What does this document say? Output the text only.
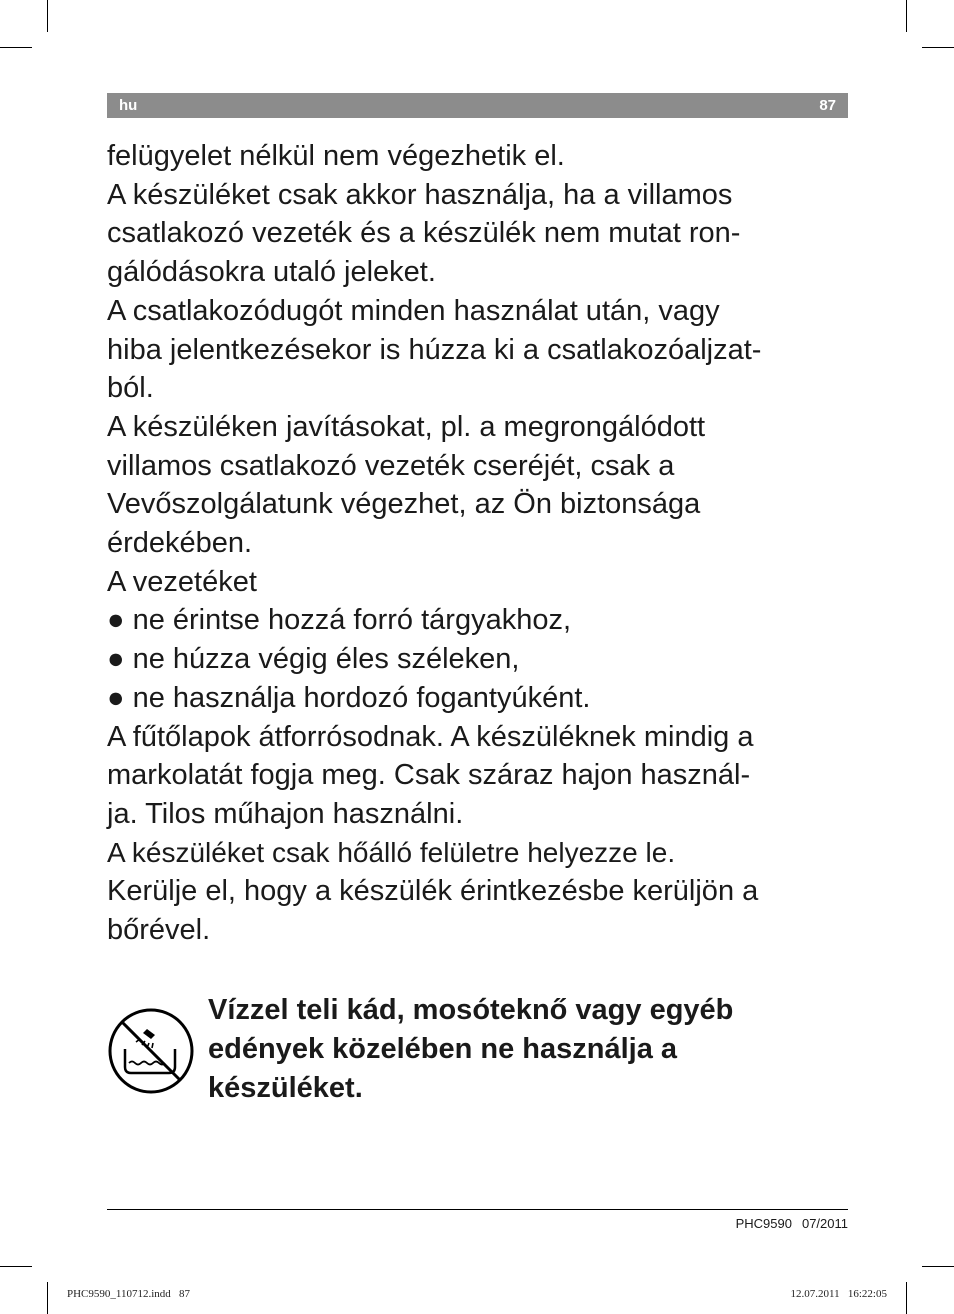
hu	87

felügyelet nélkül nem végezhetik el.

A készüléket csak akkor használja, ha a villamos

csatlakozó vezeték és a készülék nem mutat ron-

gálódásokra utaló jeleket.

A csatlakozódugót minden használat után, vagy

hiba jelentkezésekor is húzza ki a csatlakozóaljzat-

ból.

A készüléken javításokat, pl. a megrongálódott

villamos csatlakozó vezeték cseréjét, csak a

Vevőszolgálatunk végezhet, az Ön biztonsága

érdekében.

A vezetéket

● ne érintse hozzá forró tárgyakhoz,

● ne húzza végig éles széleken,

● ne használja hordozó fogantyúként.

A fűtőlapok átforrósodnak. A készüléknek mindig a

markolatát fogja meg. Csak száraz hajon használ-

ja. Tilos műhajon használni.

A készüléket csak hőálló felületre helyezze le.

Kerülje el, hogy a készülék érintkezésbe kerüljön a

bőrével.

Vízzel teli kád, mosóteknő vagy egyéb

edények közelében ne használja a

készüléket.

PHC9590 07/2011
PHC9590_110712.indd   87	12.07.2011   16:22:05
